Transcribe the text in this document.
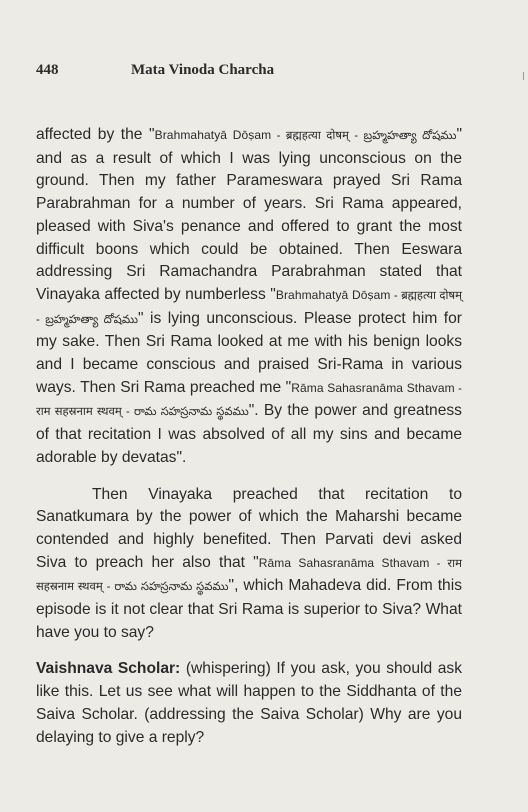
448	Mata Vinoda Charcha

affected by the "Brahmahatyā Dōṣam - ब्रह्महत्या दोषम् - బ్రహ్మహత్యా దోషము" and as a result of which I was lying unconscious on the ground. Then my father Parameswara prayed Sri Rama Parabrahman for a number of years. Sri Rama appeared, pleased with Siva's penance and offered to grant the most difficult boons which could be obtained. Then Eeswara addressing Sri Ramachandra Parabrahman stated that Vinayaka affected by numberless "Brahmahatyā Dōṣam - ब्रह्महत्या दोषम् - బ్రహ్మహత్యా దోషము" is lying unconscious. Please protect him for my sake. Then Sri Rama looked at me with his benign looks and I became conscious and praised Sri-Rama in various ways. Then Sri Rama preached me "Rāma Sahasranāma Sthavam - राम सहस्रनाम स्थवम् - రామ సహస్రనామ స్థవము". By the power and greatness of that recitation I was absolved of all my sins and became adorable by devatas".

Then Vinayaka preached that recitation to Sanatkumara by the power of which the Maharshi became contended and highly benefited. Then Parvati devi asked Siva to preach her also that "Rāma Sahasranāma Sthavam - राम सहस्रनाम स्थवम् - రామ సహస్రనామ స్థవము", which Mahadeva did. From this episode is it not clear that Sri Rama is superior to Siva? What have you to say?

Vaishnava Scholar: (whispering) If you ask, you should ask like this. Let us see what will happen to the Siddhanta of the Saiva Scholar. (addressing the Saiva Scholar) Why are you delaying to give a reply?
